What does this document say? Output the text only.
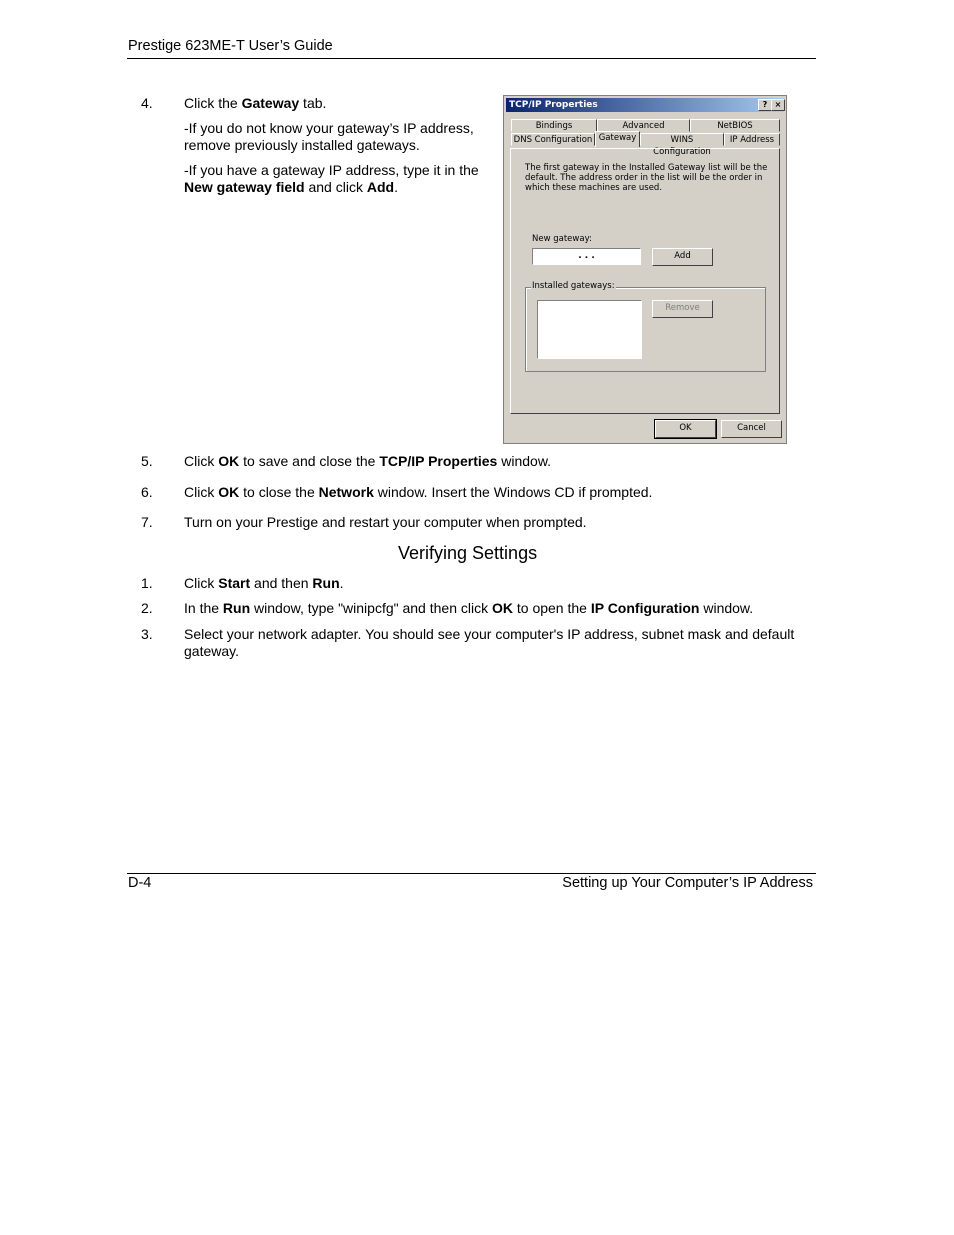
Prestige 623ME-T User’s Guide
4. Click the Gateway tab.
-If you do not know your gateway’s IP address, remove previously installed gateways.
-If you have a gateway IP address, type it in the New gateway field and click Add.
TCP/IP Properties	? ×
Bindings	Advanced	NetBIOS
DNS Configuration Gateway	WINS Configuration
IP Address
The first gateway in the Installed Gateway list will be the default. The address order in the list will be the order in which these machines are used.
New gateway:
. . .	Add
Installed gateways:
Remove
OK	Cancel
5. Click OK to save and close the TCP/IP Properties window.
6. Click OK to close the Network window. Insert the Windows CD if prompted.
7. Turn on your Prestige and restart your computer when prompted.
Verifying Settings
1. Click Start and then Run.
2. In the Run window, type "winipcfg" and then click OK to open the IP Configuration window.
3. Select your network adapter. You should see your computer's IP address, subnet mask and default gateway.
D-4	Setting up Your Computer’s IP Address
